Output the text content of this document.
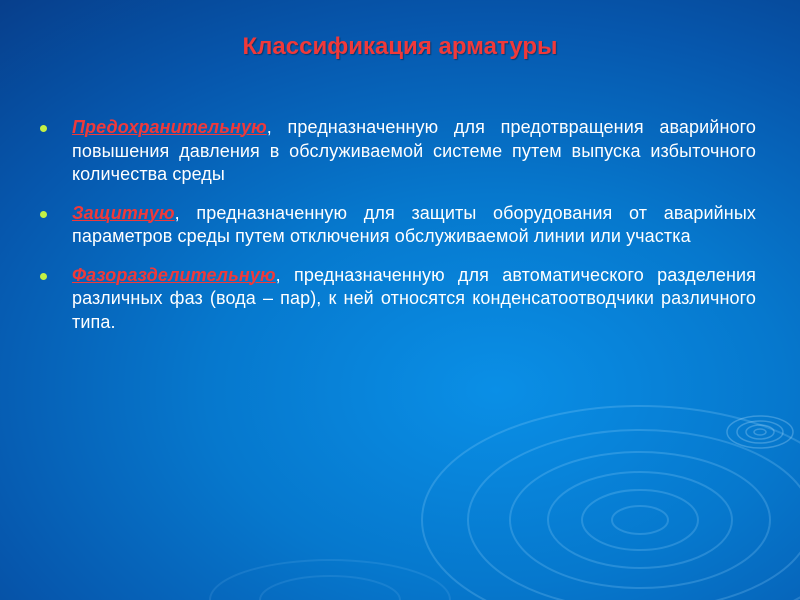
Классификация арматуры
Предохранительную, предназначенную для предотвращения аварийного повышения давления в обслуживаемой системе путем выпуска избыточного количества среды
Защитную, предназначенную для защиты оборудования от аварийных параметров среды путем отключения обслуживаемой линии или участка
Фазоразделительную, предназначенную для автоматического разделения различных фаз (вода – пар), к ней относятся конденсатоотводчики различного типа.
